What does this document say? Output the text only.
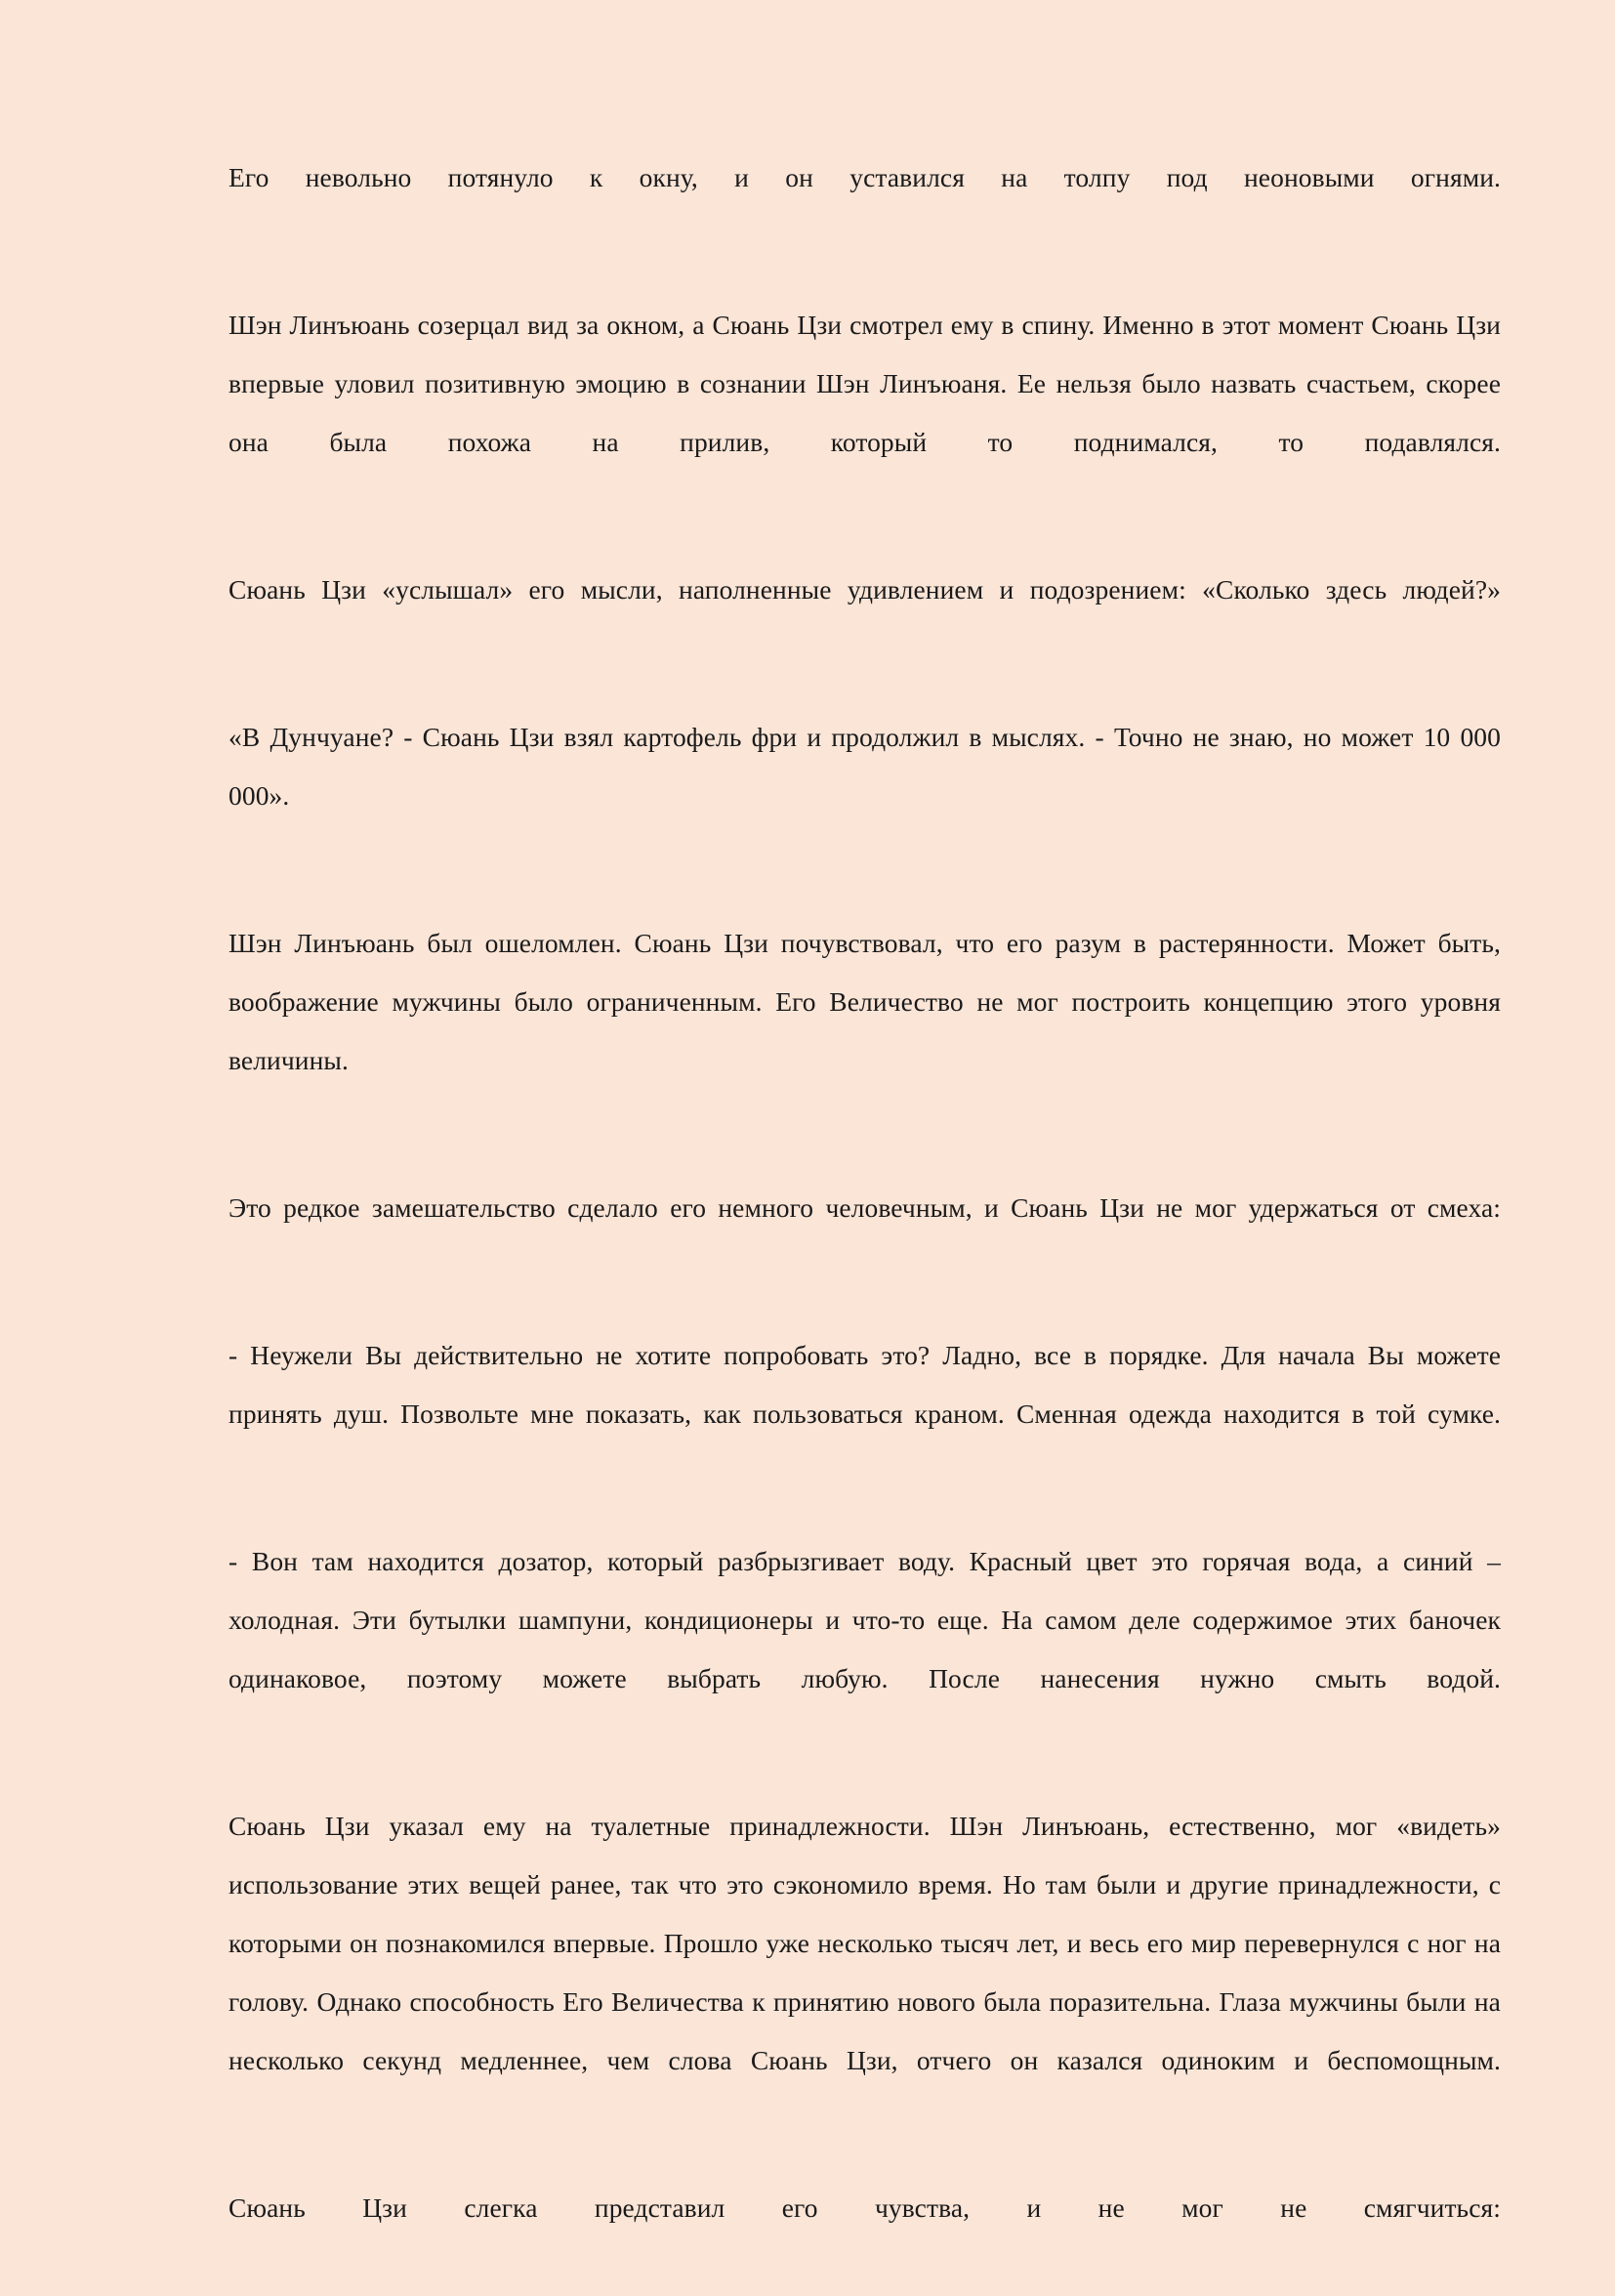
Его невольно потянуло к окну, и он уставился на толпу под неоновыми огнями.

Шэн Линъюань созерцал вид за окном, а Сюань Цзи смотрел ему в спину. Именно в этот момент Сюань Цзи впервые уловил позитивную эмоцию в сознании Шэн Линъюаня. Ее нельзя было назвать счастьем, скорее она была похожа на прилив, который то поднимался, то подавлялся.

Сюань Цзи «услышал» его мысли, наполненные удивлением и подозрением: «Сколько здесь людей?»

«В Дунчуане? - Сюань Цзи взял картофель фри и продолжил в мыслях. - Точно не знаю, но может 10 000 000».

Шэн Линъюань был ошеломлен. Сюань Цзи почувствовал, что его разум в растерянности. Может быть, воображение мужчины было ограниченным. Его Величество не мог построить концепцию этого уровня величины.

Это редкое замешательство сделало его немного человечным, и Сюань Цзи не мог удержаться от смеха:

- Неужели Вы действительно не хотите попробовать это? Ладно, все в порядке. Для начала Вы можете принять душ. Позвольте мне показать, как пользоваться краном. Сменная одежда находится в той сумке.

- Вон там находится дозатор, который разбрызгивает воду. Красный цвет это горячая вода, а синий – холодная. Эти бутылки шампуни, кондиционеры и что-то еще. На самом деле содержимое этих баночек одинаковое, поэтому можете выбрать любую. После нанесения нужно смыть водой.

Сюань Цзи указал ему на туалетные принадлежности. Шэн Линъюань, естественно, мог «видеть» использование этих вещей ранее, так что это сэкономило время. Но там были и другие принадлежности, с которыми он познакомился впервые. Прошло уже несколько тысяч лет, и весь его мир перевернулся с ног на голову. Однако способность Его Величества к принятию нового была поразительна. Глаза мужчины были на несколько секунд медленнее, чем слова Сюань Цзи, отчего он казался одиноким и беспомощным.

Сюань Цзи слегка представил его чувства, и не мог не смягчиться:
